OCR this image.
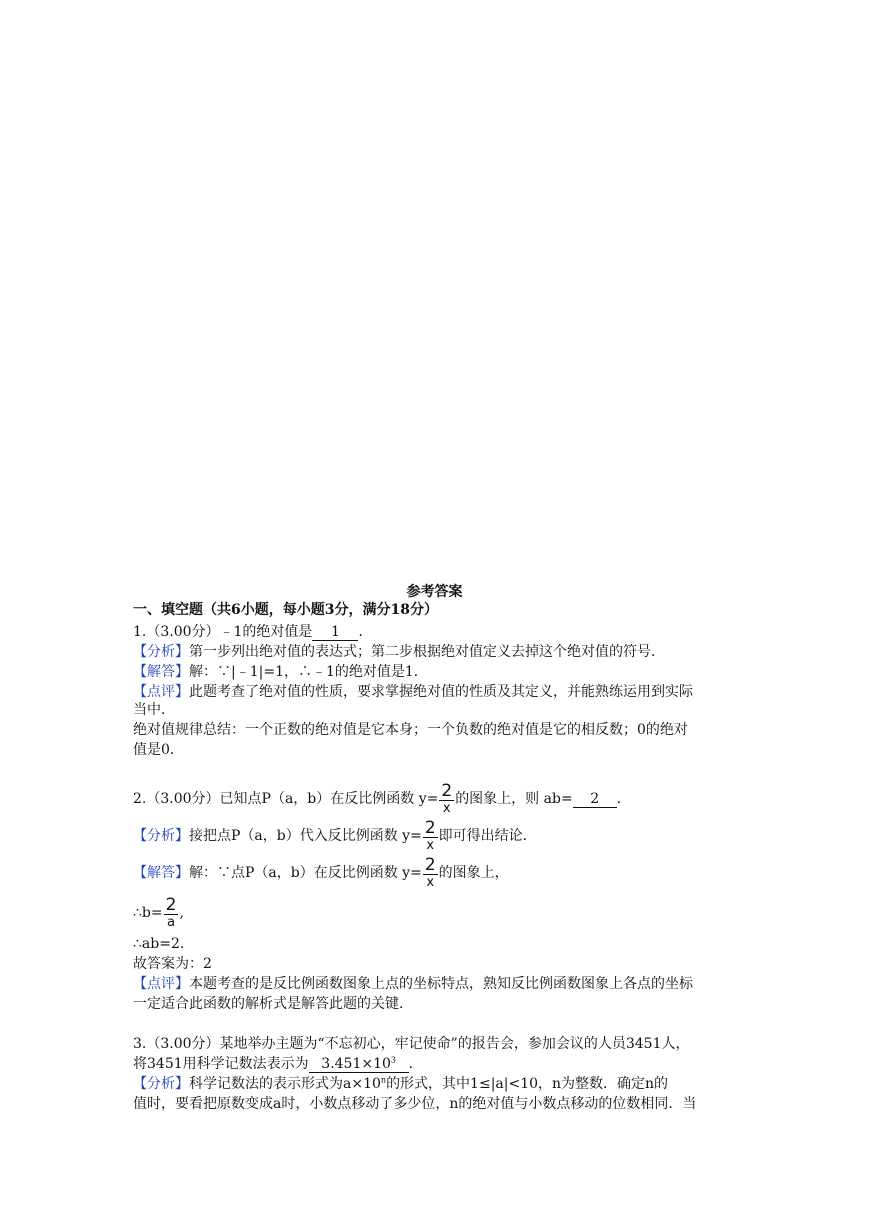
参考答案
一、填空题（共6小题，每小题3分，满分18分）
1.（3.00分）﹣1的绝对值是 1 ．
【分析】第一步列出绝对值的表达式；第二步根据绝对值定义去掉这个绝对值的符号．
【解答】解：∵|﹣1|=1，∴﹣1的绝对值是1．
【点评】此题考查了绝对值的性质，要求掌握绝对值的性质及其定义，并能熟练运用到实际
当中．
绝对值规律总结：一个正数的绝对值是它本身；一个负数的绝对值是它的相反数；0的绝对
值是0．
2.（3.00分）已知点P（a，b）在反比例函数 $y= \frac{2}{x}$ 的图象上，则 ab= 2 ．
【分析】接把点P（a，b）代入反比例函数 $y= \frac{2}{x}$ 即可得出结论．
【解答】解：∵点P（a，b）在反比例函数 $y= \frac{2}{x}$ 的图象上，
∴b= $\frac{2}{a}$ ,
∴ab=2．
故答案为：2
【点评】本题考查的是反比例函数图象上点的坐标特点，熟知反比例函数图象上各点的坐标
一定适合此函数的解析式是解答此题的关键．
3.（3.00分）某地举办主题为“不忘初心，牢记使命”的报告会，参加会议的人员3451人，
将3451用科学记数法表示为 $3.451\times 10^3$ ．
【分析】科学记数法的表示形式为$a\times 10^n$的形式，其中1≤|a|<10，n为整数．确定n的
值时，要看把原数变成a时，小数点移动了多少位，n的绝对值与小数点移动的位数相同．当
